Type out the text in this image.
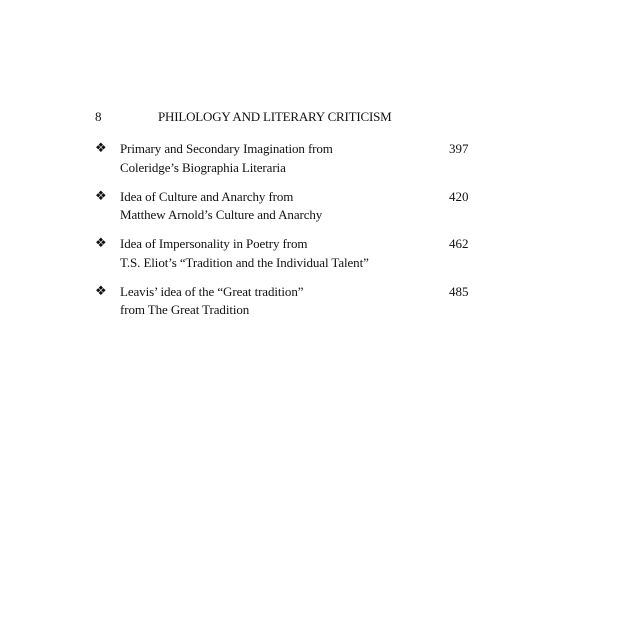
8	PHILOLOGY AND LITERARY CRITICISM
❖ Primary and Secondary Imagination from
Coleridge’s Biographia Literaria
397
❖ Idea of Culture and Anarchy from
Matthew Arnold’s Culture and Anarchy
420
❖ Idea of Impersonality in Poetry from
T.S. Eliot’s “Tradition and the Individual Talent”
462
❖ Leavis’ idea of the “Great tradition”
from The Great Tradition
485
